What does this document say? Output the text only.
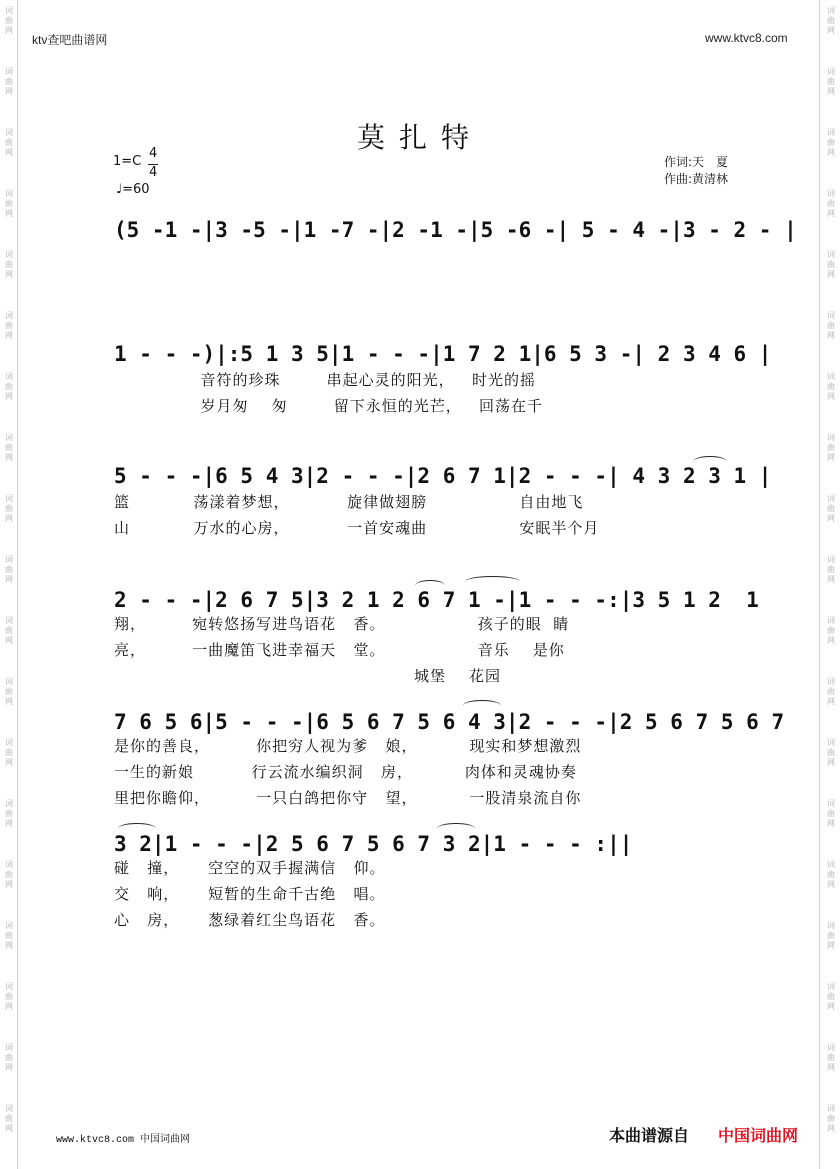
词
曲
网
词
曲
网
词
曲
网
词
曲
网
词
曲
网
词
曲
网
词
曲
网
词
曲
网
词
曲
网
词
曲
网
词
曲
网
词
曲
网
词
曲
网
词
曲
网
词
曲
网
词
曲
网
词
曲
网
词
曲
网
词
曲
网
词
曲
网
词
曲
网
词
曲
网
词
曲
网
词
曲
网
词
曲
网
词
曲
网
词
曲
网
词
曲
网
词
曲
网
词
曲
网
词
曲
网
词
曲
网
词
曲
网
词
曲
网
词
曲
网
词
曲
网
词
曲
网
词
曲
网
ktv查吧曲谱网	www.ktvc8.com
莫扎特
1=C
4
4
♩=60
作词:天　夏
作曲:黄清林
(5 -1 -|3 -5 -|1 -7 -|2 -1 -|5 -6 -| 5 - 4 -|3 - 2 - |
1 - - -)|:5 1 3 5|1 - - -|1 7 2 1|6 5 3 -| 2 3 4 6 |
音符的珍珠        串起心灵的阳光，   时光的摇
岁月匆    匆        留下永恒的光芒，   回荡在千
5 - - -|6 5 4 3|2 - - -|2 6 7 1|2 - - -| 4 3 2 3 1 |
篮           荡漾着梦想，          旋律做翅膀                自由地飞
山           万水的心房，          一首安魂曲                安眠半个月
2 - - -|2 6 7 5|3 2 1 2 6 7 1 -|1 - - -:|3 5 1 2  1
翔，        宛转悠扬写进鸟语花   香。                孩子的眼  睛
亮，        一曲魔笛飞进幸福天   堂。                音乐    是你
城堡    花园
7 6 5 6|5 - - -|6 5 6 7 5 6 4 3|2 - - -|2 5 6 7 5 6 7
是你的善良，        你把穷人视为爹   娘，         现实和梦想激烈
一生的新娘          行云流水编织洞   房，         肉体和灵魂协奏
里把你瞻仰，        一只白鸽把你守   望，         一股清泉流自你
3 2|1 - - -|2 5 6 7 5 6 7 3 2|1 - - - :||
碰   撞，     空空的双手握满信   仰。
交   响，     短暂的生命千古绝   唱。
心   房，     葱绿着红尘鸟语花   香。
www.ktvc8.com 中国词曲网	本曲谱源自 中国词曲网
